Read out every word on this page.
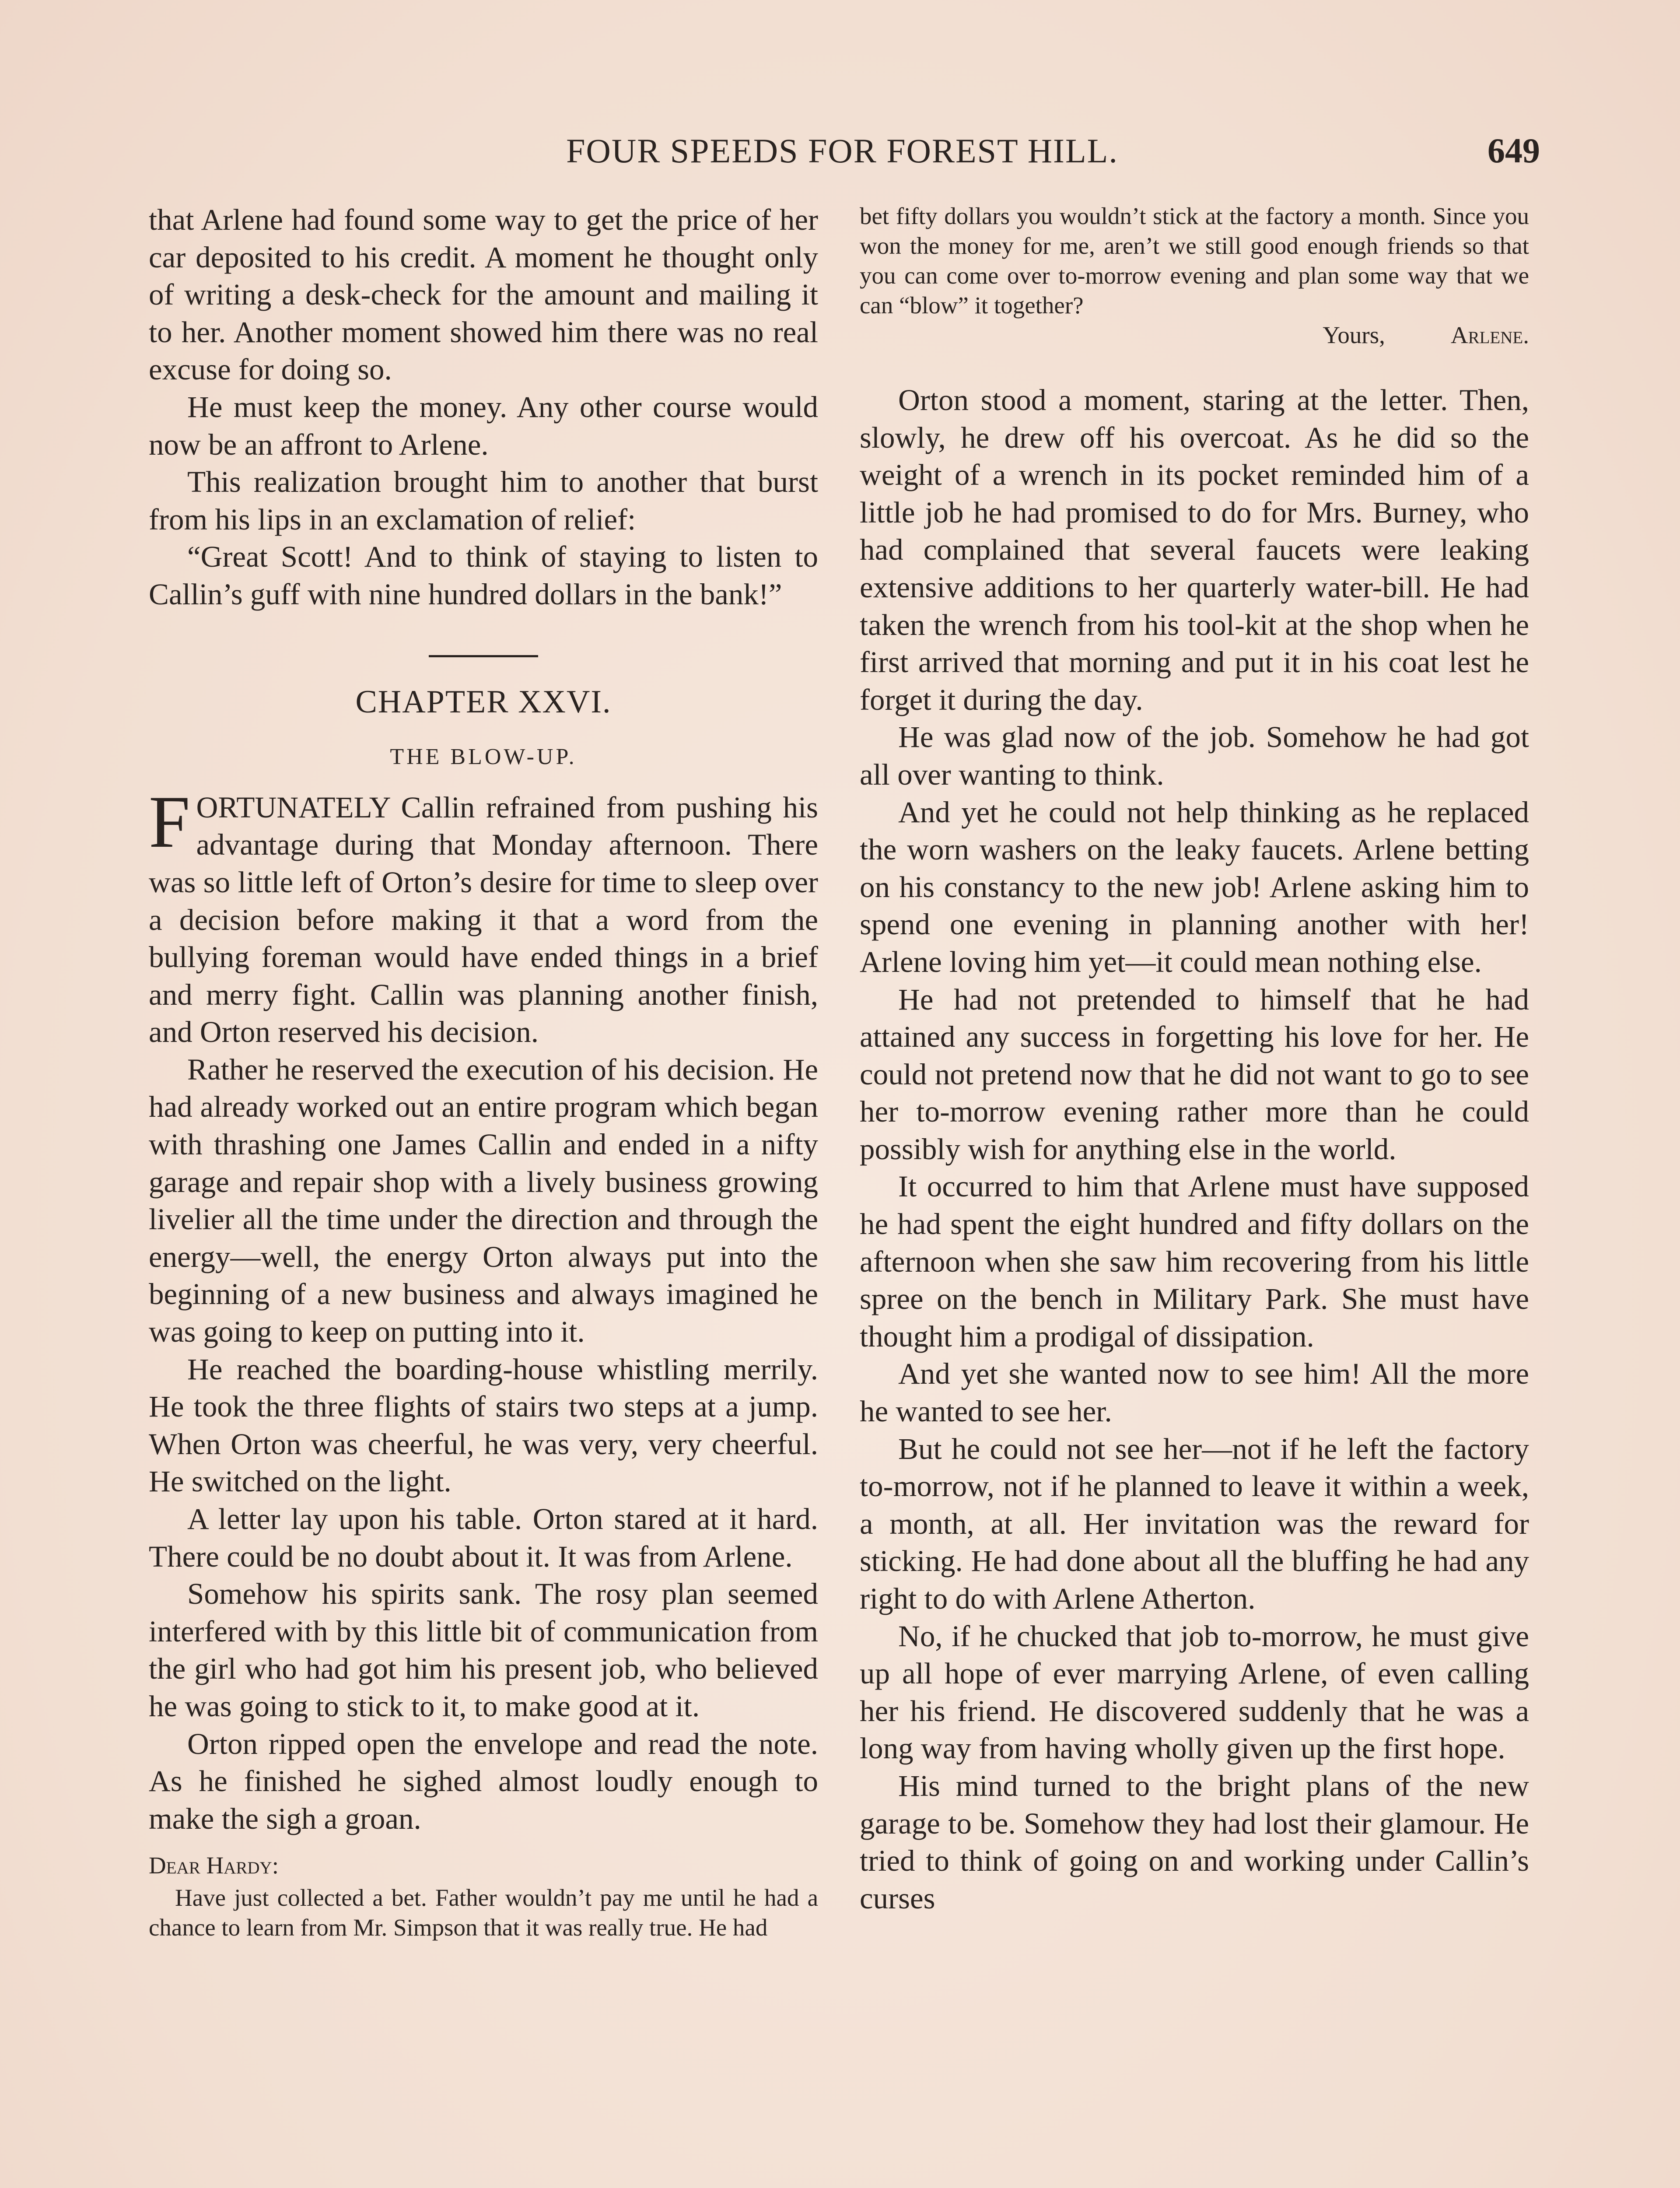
FOUR SPEEDS FOR FOREST HILL.	649

that Arlene had found some way to get the price of her car deposited to his credit. A moment he thought only of writing a desk-check for the amount and mailing it to her. Another moment showed him there was no real excuse for doing so.

He must keep the money. Any other course would now be an affront to Arlene.

This realization brought him to another that burst from his lips in an exclamation of relief:

“Great Scott! And to think of staying to listen to Callin’s guff with nine hundred dollars in the bank!”

CHAPTER XXVI.
THE BLOW-UP.

FORTUNATELY Callin refrained from pushing his advantage during that Monday afternoon. There was so little left of Orton’s desire for time to sleep over a decision before making it that a word from the bullying foreman would have ended things in a brief and merry fight. Callin was planning another finish, and Orton reserved his decision.

Rather he reserved the execution of his decision. He had already worked out an entire program which began with thrashing one James Callin and ended in a nifty garage and repair shop with a lively business growing livelier all the time under the direction and through the energy—well, the energy Orton always put into the beginning of a new business and always imagined he was going to keep on putting into it.

He reached the boarding-house whistling merrily. He took the three flights of stairs two steps at a jump. When Orton was cheerful, he was very, very cheerful. He switched on the light.

A letter lay upon his table. Orton stared at it hard. There could be no doubt about it. It was from Arlene.

Somehow his spirits sank. The rosy plan seemed interfered with by this little bit of communication from the girl who had got him his present job, who believed he was going to stick to it, to make good at it.

Orton ripped open the envelope and read the note. As he finished he sighed almost loudly enough to make the sigh a groan.

Dear Hardy:

Have just collected a bet. Father wouldn’t pay me until he had a chance to learn from Mr. Simpson that it was really true. He had

bet fifty dollars you wouldn’t stick at the factory a month. Since you won the money for me, aren’t we still good enough friends so that you can come over to-morrow evening and plan some way that we can “blow” it together?

Yours,	Arlene.

Orton stood a moment, staring at the letter. Then, slowly, he drew off his overcoat. As he did so the weight of a wrench in its pocket reminded him of a little job he had promised to do for Mrs. Burney, who had complained that several faucets were leaking extensive additions to her quarterly water-bill. He had taken the wrench from his tool-kit at the shop when he first arrived that morning and put it in his coat lest he forget it during the day.

He was glad now of the job. Somehow he had got all over wanting to think.

And yet he could not help thinking as he replaced the worn washers on the leaky faucets. Arlene betting on his constancy to the new job! Arlene asking him to spend one evening in planning another with her! Arlene loving him yet—it could mean nothing else.

He had not pretended to himself that he had attained any success in forgetting his love for her. He could not pretend now that he did not want to go to see her to-morrow evening rather more than he could possibly wish for anything else in the world.

It occurred to him that Arlene must have supposed he had spent the eight hundred and fifty dollars on the afternoon when she saw him recovering from his little spree on the bench in Military Park. She must have thought him a prodigal of dissipation.

And yet she wanted now to see him! All the more he wanted to see her.

But he could not see her—not if he left the factory to-morrow, not if he planned to leave it within a week, a month, at all. Her invitation was the reward for sticking. He had done about all the bluffing he had any right to do with Arlene Atherton.

No, if he chucked that job to-morrow, he must give up all hope of ever marrying Arlene, of even calling her his friend. He discovered suddenly that he was a long way from having wholly given up the first hope.

His mind turned to the bright plans of the new garage to be. Somehow they had lost their glamour. He tried to think of going on and working under Callin’s curses
